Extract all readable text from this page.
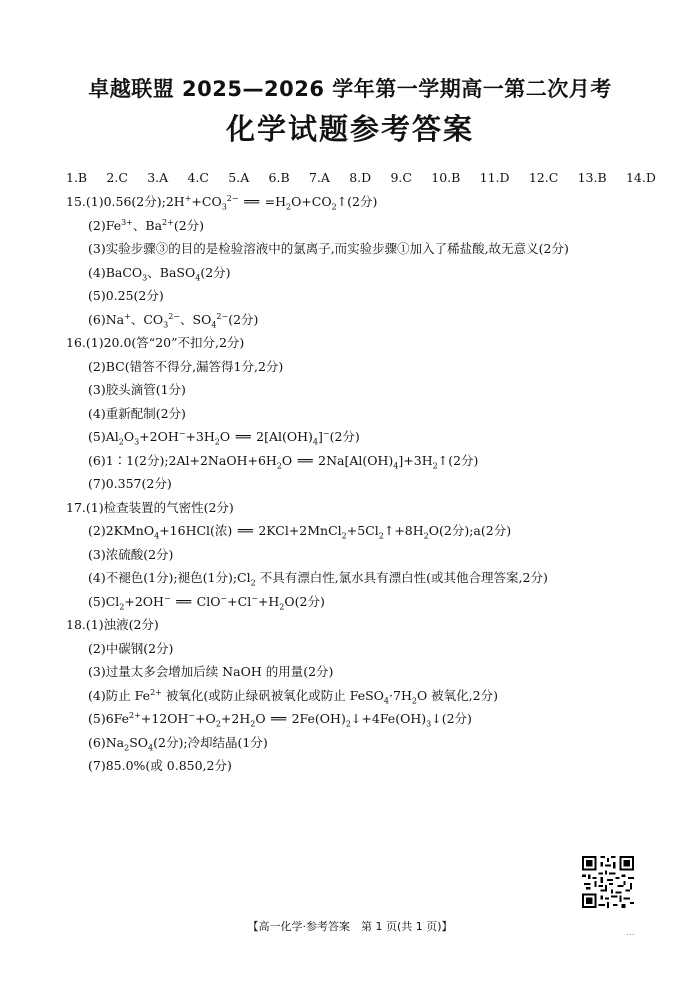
卓越联盟 2025—2026 学年第一学期高一第二次月考
化学试题参考答案
1.B 2.C 3.A 4.C 5.A 6.B 7.A 8.D 9.C 10.B 11.D 12.C 13.B 14.D
15.(1)0.56(2分)$;2H^++CO_3^{2-}$ ══ $=H_2O+CO_2↑(2$分)
$(2)Fe^{3+}$、$Ba^{2+}(2$分)
(3)实验步骤③的目的是检验溶液中的氯离子,而实验步骤①加入了稀盐酸,故无意义(2分)
(4)BaCO$_3$、BaSO$_4$(2分)
(5)0.25(2分)
(6)Na+、$CO_3^{2-}$、$SO_4^{2-}(2$分)
16.(1)20.0(答“20”不扣分,2分)
(2)BC(错答不得分,漏答得1分,2分)
(3)胶头滴管(1分)
(4)重新配制(2分)
$(5)Al_2O_3+2OH^-+3H_2O$ ══ $2[Al(OH)_4]^-(2$分)
(6)1∶1(2分)$;2Al+2NaOH+6H_2O$ ══ $2Na[Al(OH)_4]+3H_2↑(2$分)
(7)0.357(2分)
17.(1)检查装置的气密性(2分)
(2)2KMnO$_4$+16HCl(浓) ══ $2KCl+2MnCl_2+5Cl_2↑+8H_2O(2$分);a(2分)
(3)浓硫酸(2分)
(4)不褪色(1分);褪色(1分)$;Cl_2$ 不具有漂白性,氯水具有漂白性(或其他合理答案,2分)
$(5)Cl_2+2OH^-$ ══ $ClO^-+Cl^-+H_2O(2$分)
18.(1)浊液(2分)
(2)中碳钢(2分)
(3)过量太多会增加后续 NaOH 的用量(2分)
(4)防止 $Fe^{2+}$ 被氧化(或防止绿矾被氧化或防止 $FeSO_4\cdot 7H_2O$ 被氧化,2分)
$(5)6Fe^{2+}+12OH^-+O_2+2H_2O$ ══ $2Fe(OH)_2↓+4Fe(OH)_3↓(2$分)
$(6)Na_2SO_4(2$分);冷却结晶(1分)
(7)85.0%(或 0.850,2分)
【高一化学·参考答案　第 1 页(共 1 页)】	...
